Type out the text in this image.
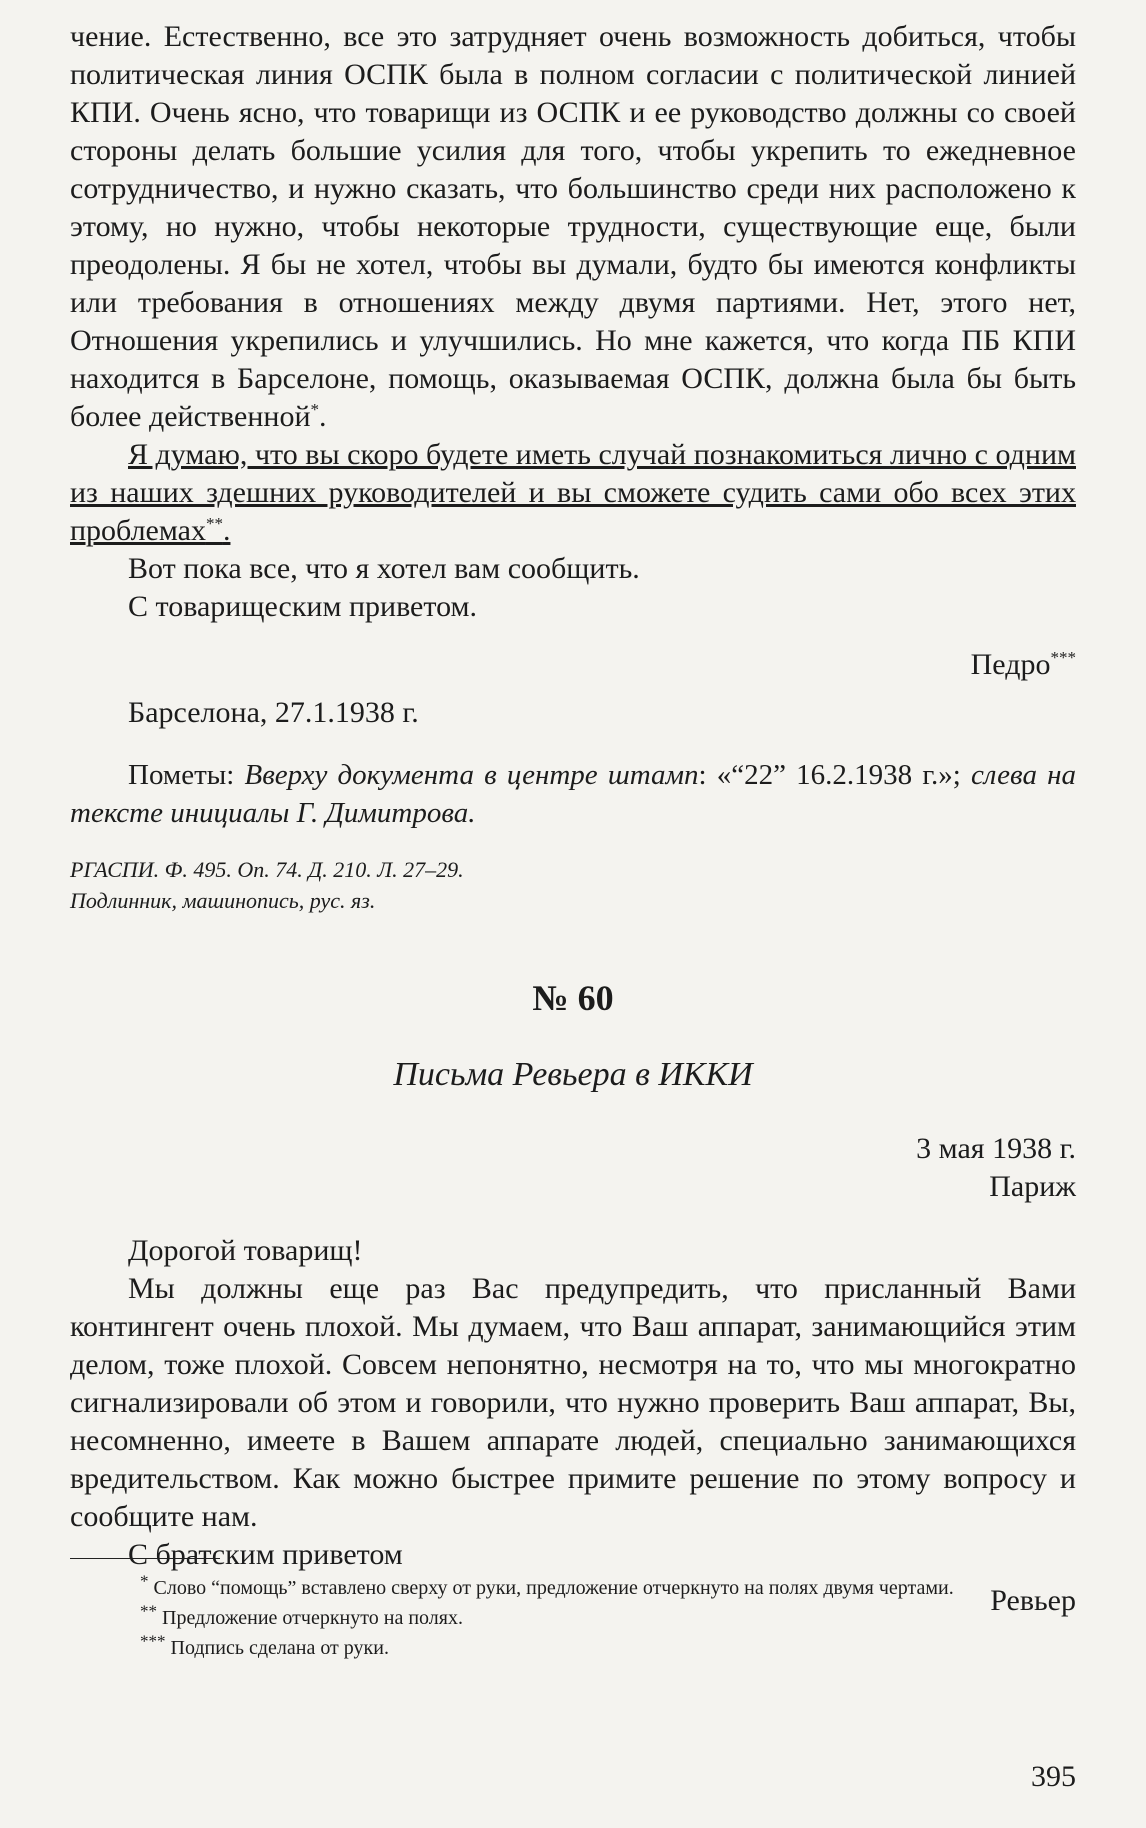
чение. Естественно, все это затрудняет очень возможность добиться, чтобы политическая линия ОСПК была в полном согласии с политической линией КПИ. Очень ясно, что товарищи из ОСПК и ее руководство должны со своей стороны делать большие усилия для того, чтобы укрепить то ежедневное сотрудничество, и нужно сказать, что большинство среди них расположено к этому, но нужно, чтобы некоторые трудности, существующие еще, были преодолены. Я бы не хотел, чтобы вы думали, будто бы имеются конфликты или требования в отношениях между двумя партиями. Нет, этого нет, Отношения укрепились и улучшились. Но мне кажется, что когда ПБ КПИ находится в Барселоне, помощь, оказываемая ОСПК, должна была бы быть более действенной*.

Я думаю, что вы скоро будете иметь случай познакомиться лично с одним из наших здешних руководителей и вы сможете судить сами обо всех этих проблемах**.

Вот пока все, что я хотел вам сообщить.

С товарищеским приветом.

Педро***
Барселона, 27.1.1938 г.

Пометы: Вверху документа в центре штамп: «“22” 16.2.1938 г.»; слева на тексте инициалы Г. Димитрова.

РГАСПИ. Ф. 495. Оп. 74. Д. 210. Л. 27–29.
Подлинник, машинопись, рус. яз.
№ 60
Письма Ревьера в ИККИ
3 мая 1938 г.
Париж
Дорогой товарищ!

Мы должны еще раз Вас предупредить, что присланный Вами контингент очень плохой. Мы думаем, что Ваш аппарат, занимающийся этим делом, тоже плохой. Совсем непонятно, несмотря на то, что мы многократно сигнализировали об этом и говорили, что нужно проверить Ваш аппарат, Вы, несомненно, имеете в Вашем аппарате людей, специально занимающихся вредительством. Как можно быстрее примите решение по этому вопросу и сообщите нам.

С братским приветом

Ревьер

* Слово “помощь” вставлено сверху от руки, предложение отчеркнуто на полях двумя чертами.

** Предложение отчеркнуто на полях.

*** Подпись сделана от руки.

395
